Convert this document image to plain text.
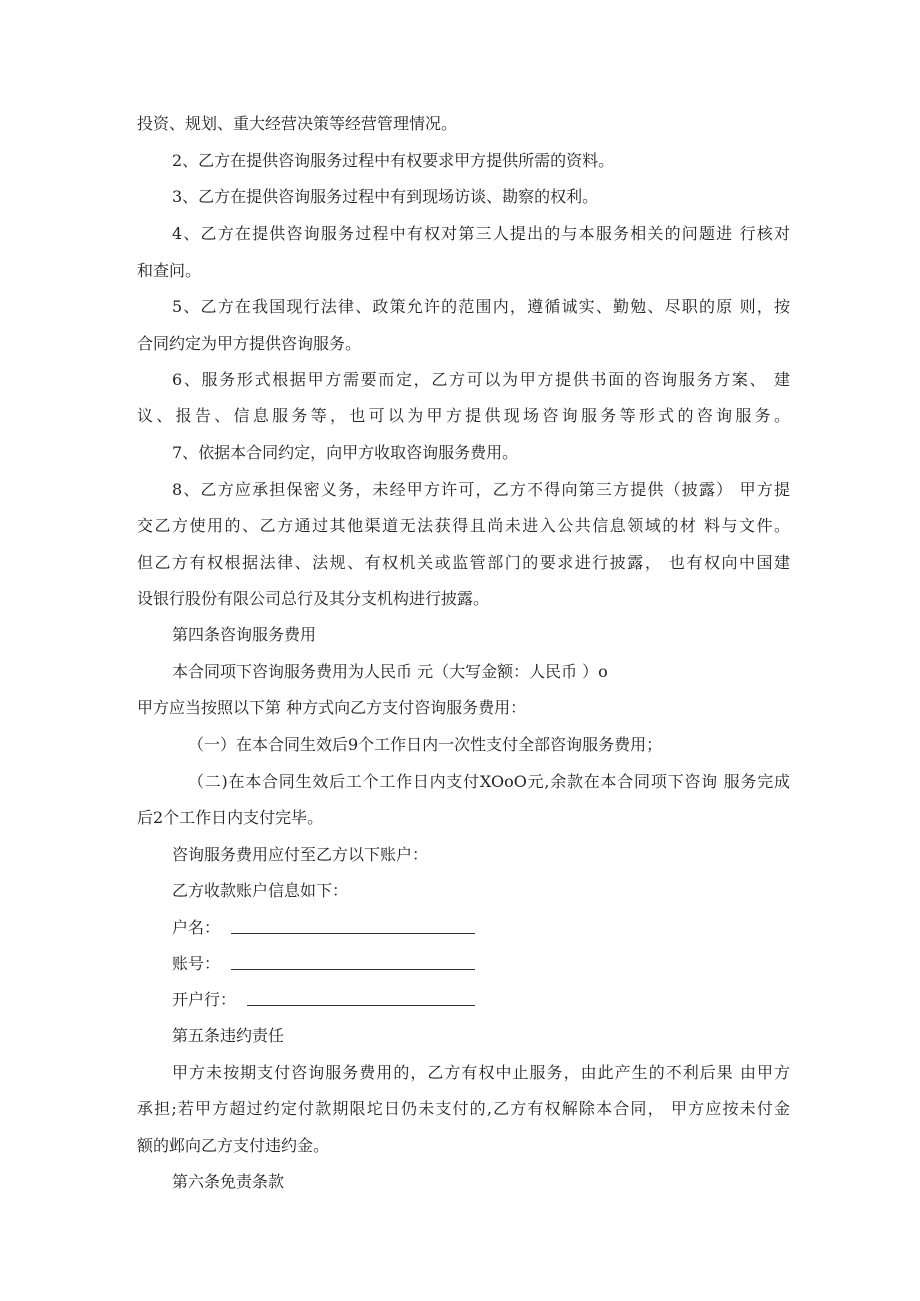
投资、规划、重大经营决策等经营管理情况。

2、乙方在提供咨询服务过程中有权要求甲方提供所需的资料。

3、乙方在提供咨询服务过程中有到现场访谈、勘察的权利。

4、乙方在提供咨询服务过程中有权对第三人提出的与本服务相关的问题进 行核对

和查问。

5、乙方在我国现行法律、政策允许的范围内，遵循诚实、勤勉、尽职的原 则，按

合同约定为甲方提供咨询服务。

6、服务形式根据甲方需要而定，乙方可以为甲方提供书面的咨询服务方案、 建

议、报告、信息服务等，也可以为甲方提供现场咨询服务等形式的咨询服务。

7、依据本合同约定，向甲方收取咨询服务费用。

8、乙方应承担保密义务，未经甲方许可，乙方不得向第三方提供（披露） 甲方提

交乙方使用的、乙方通过其他渠道无法获得且尚未进入公共信息领域的材 料与文件。

但乙方有权根据法律、法规、有权机关或监管部门的要求进行披露， 也有权向中国建

设银行股份有限公司总行及其分支机构进行披露。

第四条咨询服务费用

本合同项下咨询服务费用为人民币 元（大写金额：人民币 ）o

甲方应当按照以下第 种方式向乙方支付咨询服务费用：

（一）在本合同生效后9个工作日内一次性支付全部咨询服务费用；

（二)在本合同生效后工个工作日内支付XOoO元,余款在本合同项下咨询 服务完成

后2个工作日内支付完毕。

咨询服务费用应付至乙方以下账户：

乙方收款账户信息如下：

户名：

账号：

开户行：

第五条违约责任

甲方未按期支付咨询服务费用的，乙方有权中止服务，由此产生的不利后果 由甲方

承担;若甲方超过约定付款期限坨日仍未支付的,乙方有权解除本合同， 甲方应按未付金

额的邺向乙方支付违约金。

第六条免责条款
